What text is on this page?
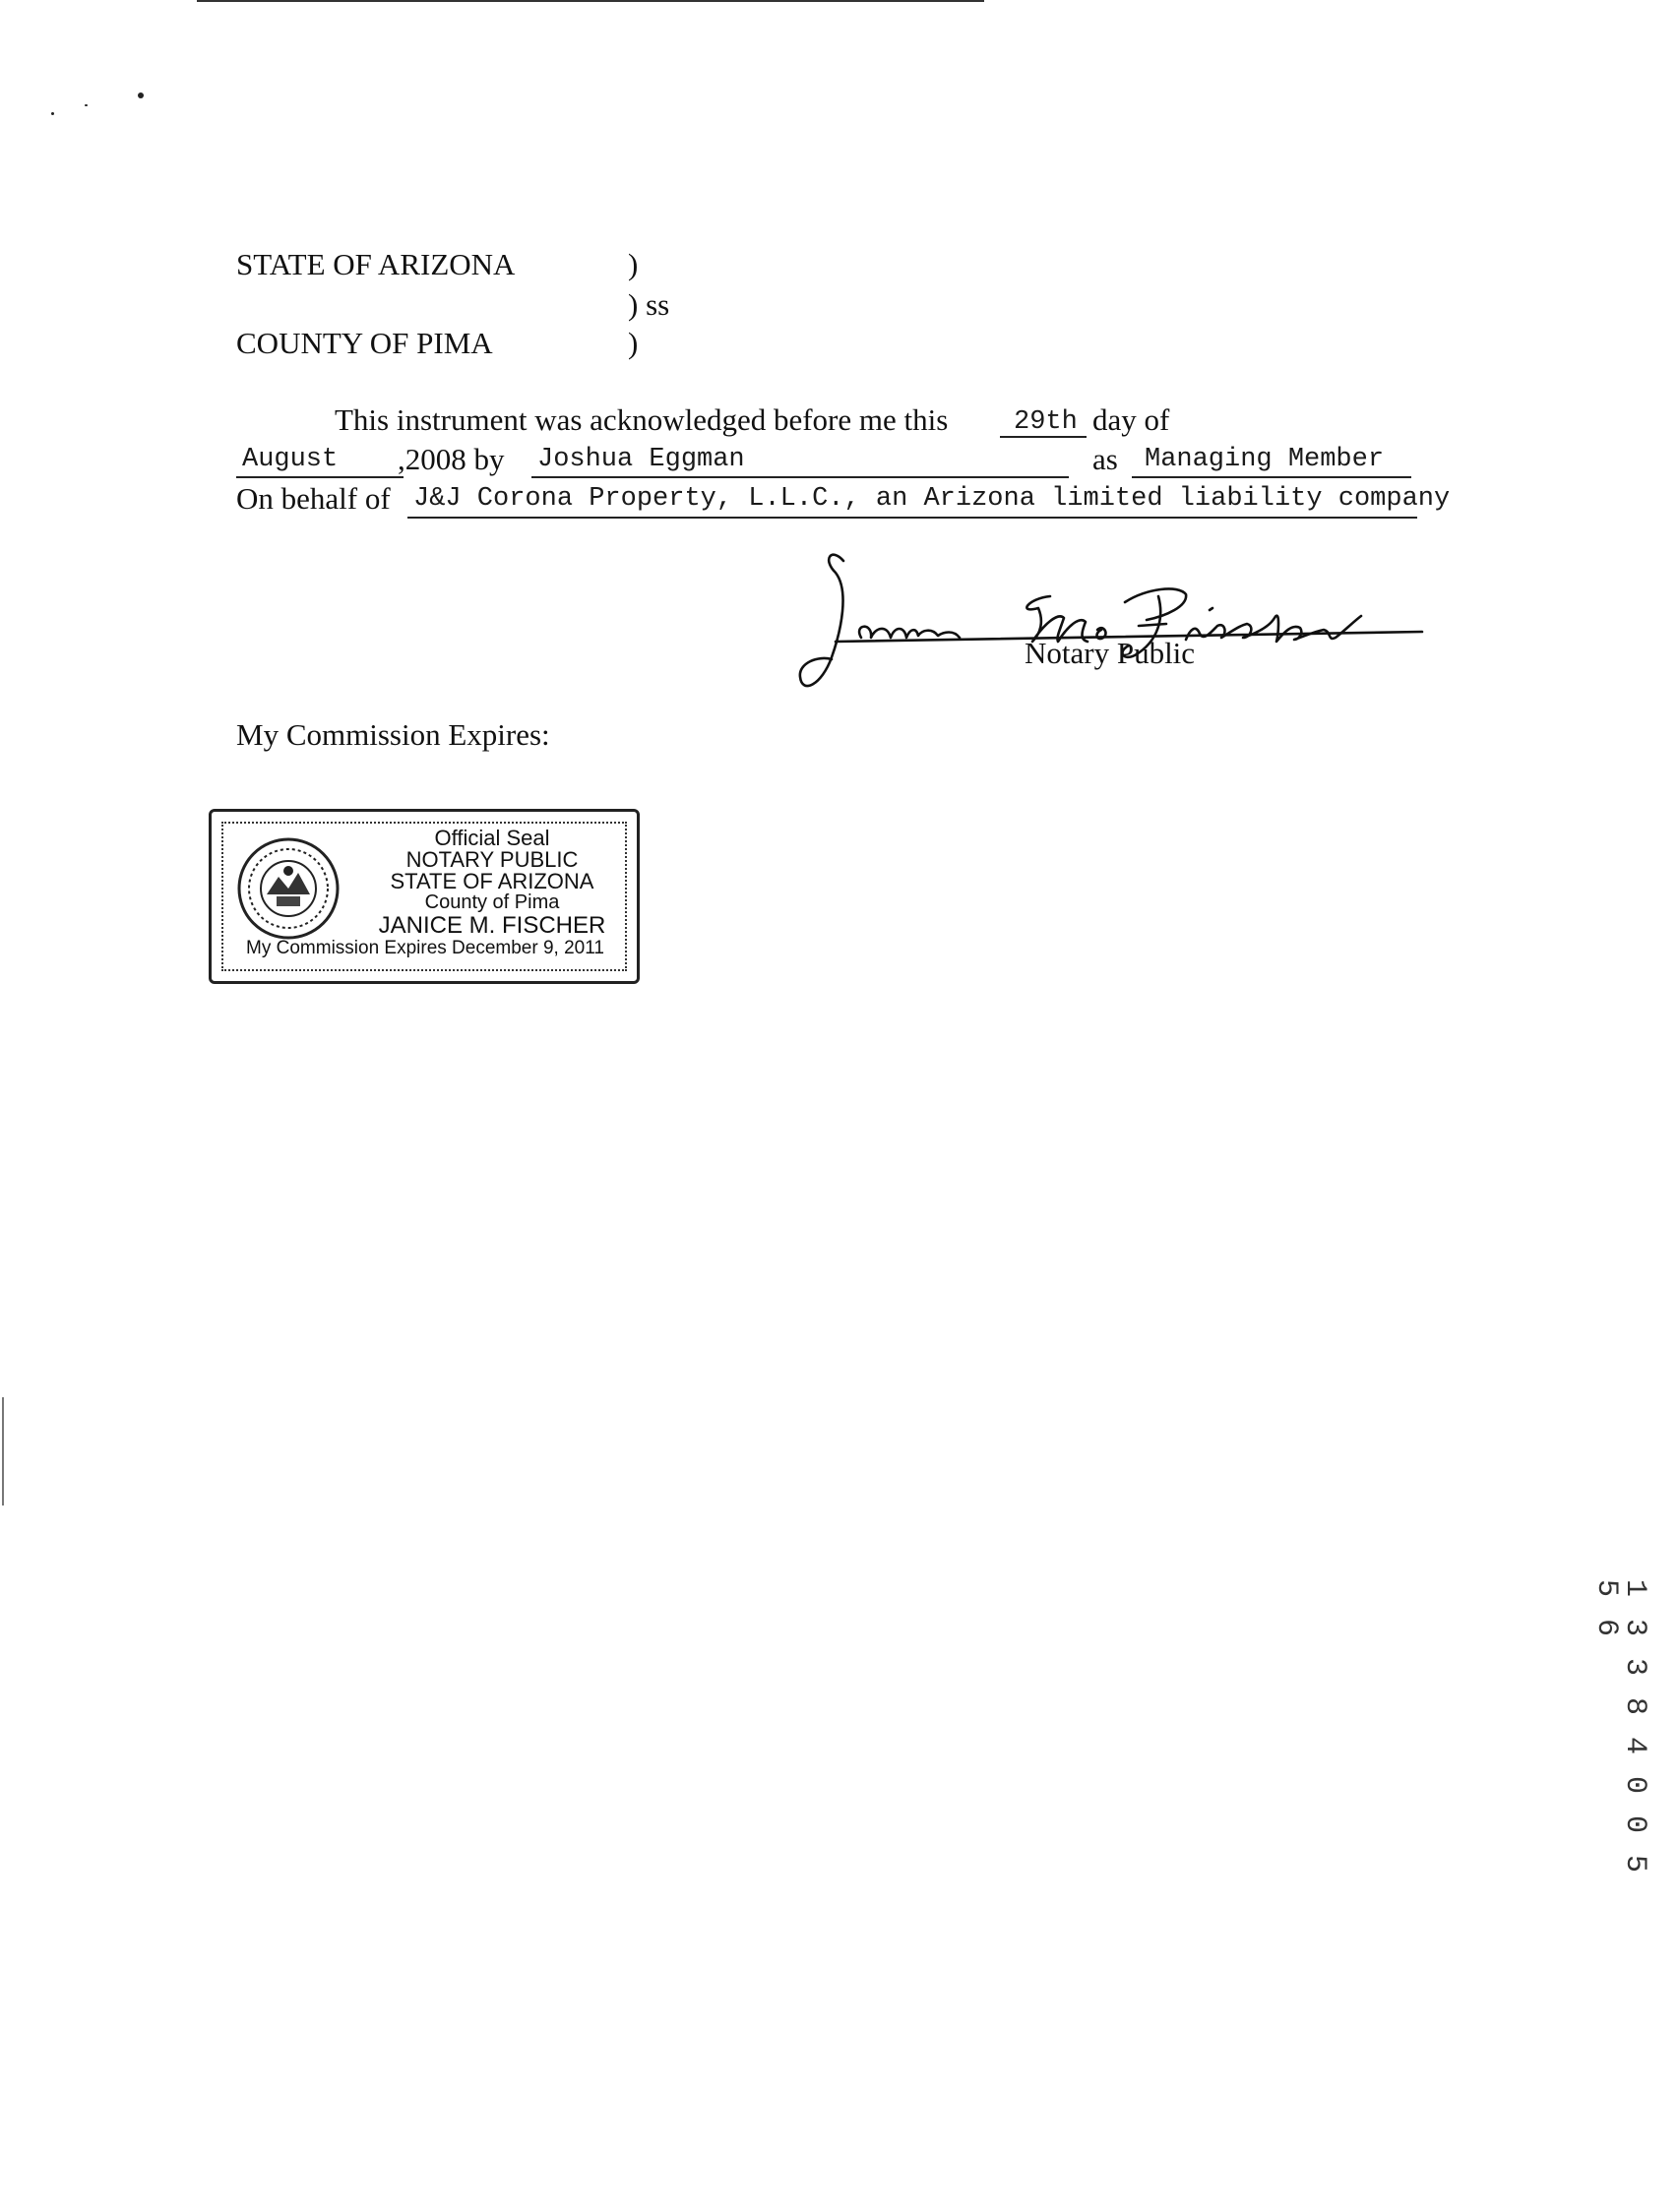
STATE OF ARIZONA	)
) ss
COUNTY OF PIMA	)
This instrument was acknowledged before me this 29th day of
August ,2008 by Joshua Eggman	as Managing Member
On behalf of J&J Corona Property, L.L.C., an Arizona limited liability company
Notary Public
My Commission Expires:
Official Seal
NOTARY PUBLIC
STATE OF ARIZONA
County of Pima
JANICE M. FISCHER
My Commission Expires December 9, 2011
1 3 3 8 4 0 0 5 5 6
